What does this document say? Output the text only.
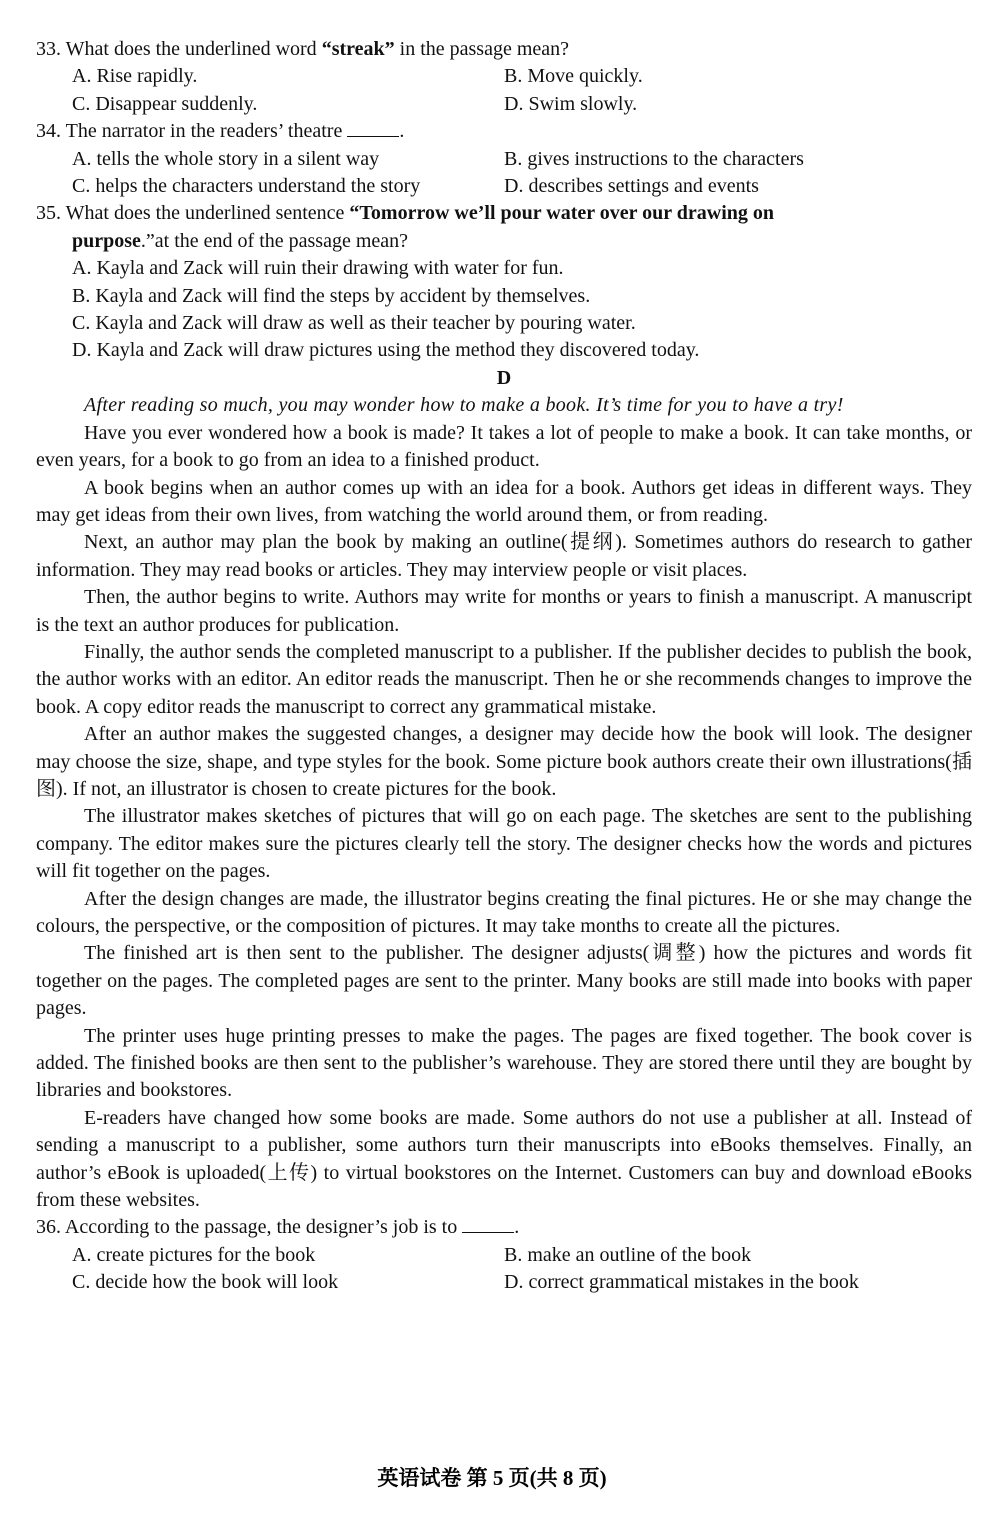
33. What does the underlined word “streak” in the passage mean?

A. Rise rapidly.	B. Move quickly.
C. Disappear suddenly.	D. Swim slowly.

34. The narrator in the readers’ theatre	.

A. tells the whole story in a silent way	B. gives instructions to the characters
C. helps the characters understand the story	D. describes settings and events

35. What does the underlined sentence “Tomorrow we’ll pour water over our drawing on
purpose.”at the end of the passage mean?

A. Kayla and Zack will ruin their drawing with water for fun.
B. Kayla and Zack will find the steps by accident by themselves.
C. Kayla and Zack will draw as well as their teacher by pouring water.
D. Kayla and Zack will draw pictures using the method they discovered today.

D

After reading so much, you may wonder how to make a book. It’s time for you to have a try!

Have you ever wondered how a book is made? It takes a lot of people to make a book. It can take months, or even years, for a book to go from an idea to a finished product.

A book begins when an author comes up with an idea for a book. Authors get ideas in different ways. They may get ideas from their own lives, from watching the world around them, or from reading.

Next, an author may plan the book by making an outline(提纲). Sometimes authors do research to gather information. They may read books or articles. They may interview people or visit places.

Then, the author begins to write. Authors may write for months or years to finish a manuscript. A manuscript is the text an author produces for publication.

Finally, the author sends the completed manuscript to a publisher. If the publisher decides to publish the book, the author works with an editor. An editor reads the manuscript. Then he or she recommends changes to improve the book. A copy editor reads the manuscript to correct any grammatical mistake.

After an author makes the suggested changes, a designer may decide how the book will look. The designer may choose the size, shape, and type styles for the book. Some picture book authors create their own illustrations(插图). If not, an illustrator is chosen to create pictures for the book.

The illustrator makes sketches of pictures that will go on each page. The sketches are sent to the publishing company. The editor makes sure the pictures clearly tell the story. The designer checks how the words and pictures will fit together on the pages.

After the design changes are made, the illustrator begins creating the final pictures. He or she may change the colours, the perspective, or the composition of pictures. It may take months to create all the pictures.

The finished art is then sent to the publisher. The designer adjusts(调整) how the pictures and words fit together on the pages. The completed pages are sent to the printer. Many books are still made into books with paper pages.

The printer uses huge printing presses to make the pages. The pages are fixed together. The book cover is added. The finished books are then sent to the publisher’s warehouse. They are stored there until they are bought by libraries and bookstores.

E-readers have changed how some books are made. Some authors do not use a publisher at all. Instead of sending a manuscript to a publisher, some authors turn their manuscripts into eBooks themselves. Finally, an author’s eBook is uploaded(上传) to virtual bookstores on the Internet. Customers can buy and download eBooks from these websites.

36. According to the passage, the designer’s job is to	.

A. create pictures for the book	B. make an outline of the book
C. decide how the book will look	D. correct grammatical mistakes in the book
英语试卷 第 5 页(共 8 页)
